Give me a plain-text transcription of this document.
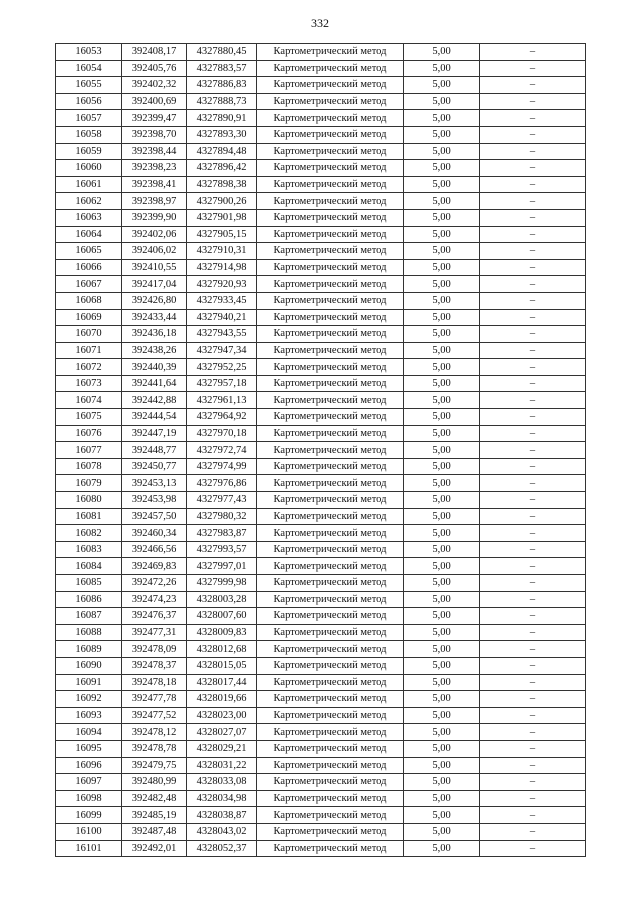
332
16053	392408,17	4327880,45	Картометрический метод	5,00	–
16054	392405,76	4327883,57	Картометрический метод	5,00	–
16055	392402,32	4327886,83	Картометрический метод	5,00	–
16056	392400,69	4327888,73	Картометрический метод	5,00	–
16057	392399,47	4327890,91	Картометрический метод	5,00	–
16058	392398,70	4327893,30	Картометрический метод	5,00	–
16059	392398,44	4327894,48	Картометрический метод	5,00	–
16060	392398,23	4327896,42	Картометрический метод	5,00	–
16061	392398,41	4327898,38	Картометрический метод	5,00	–
16062	392398,97	4327900,26	Картометрический метод	5,00	–
16063	392399,90	4327901,98	Картометрический метод	5,00	–
16064	392402,06	4327905,15	Картометрический метод	5,00	–
16065	392406,02	4327910,31	Картометрический метод	5,00	–
16066	392410,55	4327914,98	Картометрический метод	5,00	–
16067	392417,04	4327920,93	Картометрический метод	5,00	–
16068	392426,80	4327933,45	Картометрический метод	5,00	–
16069	392433,44	4327940,21	Картометрический метод	5,00	–
16070	392436,18	4327943,55	Картометрический метод	5,00	–
16071	392438,26	4327947,34	Картометрический метод	5,00	–
16072	392440,39	4327952,25	Картометрический метод	5,00	–
16073	392441,64	4327957,18	Картометрический метод	5,00	–
16074	392442,88	4327961,13	Картометрический метод	5,00	–
16075	392444,54	4327964,92	Картометрический метод	5,00	–
16076	392447,19	4327970,18	Картометрический метод	5,00	–
16077	392448,77	4327972,74	Картометрический метод	5,00	–
16078	392450,77	4327974,99	Картометрический метод	5,00	–
16079	392453,13	4327976,86	Картометрический метод	5,00	–
16080	392453,98	4327977,43	Картометрический метод	5,00	–
16081	392457,50	4327980,32	Картометрический метод	5,00	–
16082	392460,34	4327983,87	Картометрический метод	5,00	–
16083	392466,56	4327993,57	Картометрический метод	5,00	–
16084	392469,83	4327997,01	Картометрический метод	5,00	–
16085	392472,26	4327999,98	Картометрический метод	5,00	–
16086	392474,23	4328003,28	Картометрический метод	5,00	–
16087	392476,37	4328007,60	Картометрический метод	5,00	–
16088	392477,31	4328009,83	Картометрический метод	5,00	–
16089	392478,09	4328012,68	Картометрический метод	5,00	–
16090	392478,37	4328015,05	Картометрический метод	5,00	–
16091	392478,18	4328017,44	Картометрический метод	5,00	–
16092	392477,78	4328019,66	Картометрический метод	5,00	–
16093	392477,52	4328023,00	Картометрический метод	5,00	–
16094	392478,12	4328027,07	Картометрический метод	5,00	–
16095	392478,78	4328029,21	Картометрический метод	5,00	–
16096	392479,75	4328031,22	Картометрический метод	5,00	–
16097	392480,99	4328033,08	Картометрический метод	5,00	–
16098	392482,48	4328034,98	Картометрический метод	5,00	–
16099	392485,19	4328038,87	Картометрический метод	5,00	–
16100	392487,48	4328043,02	Картометрический метод	5,00	–
16101	392492,01	4328052,37	Картометрический метод	5,00	–
